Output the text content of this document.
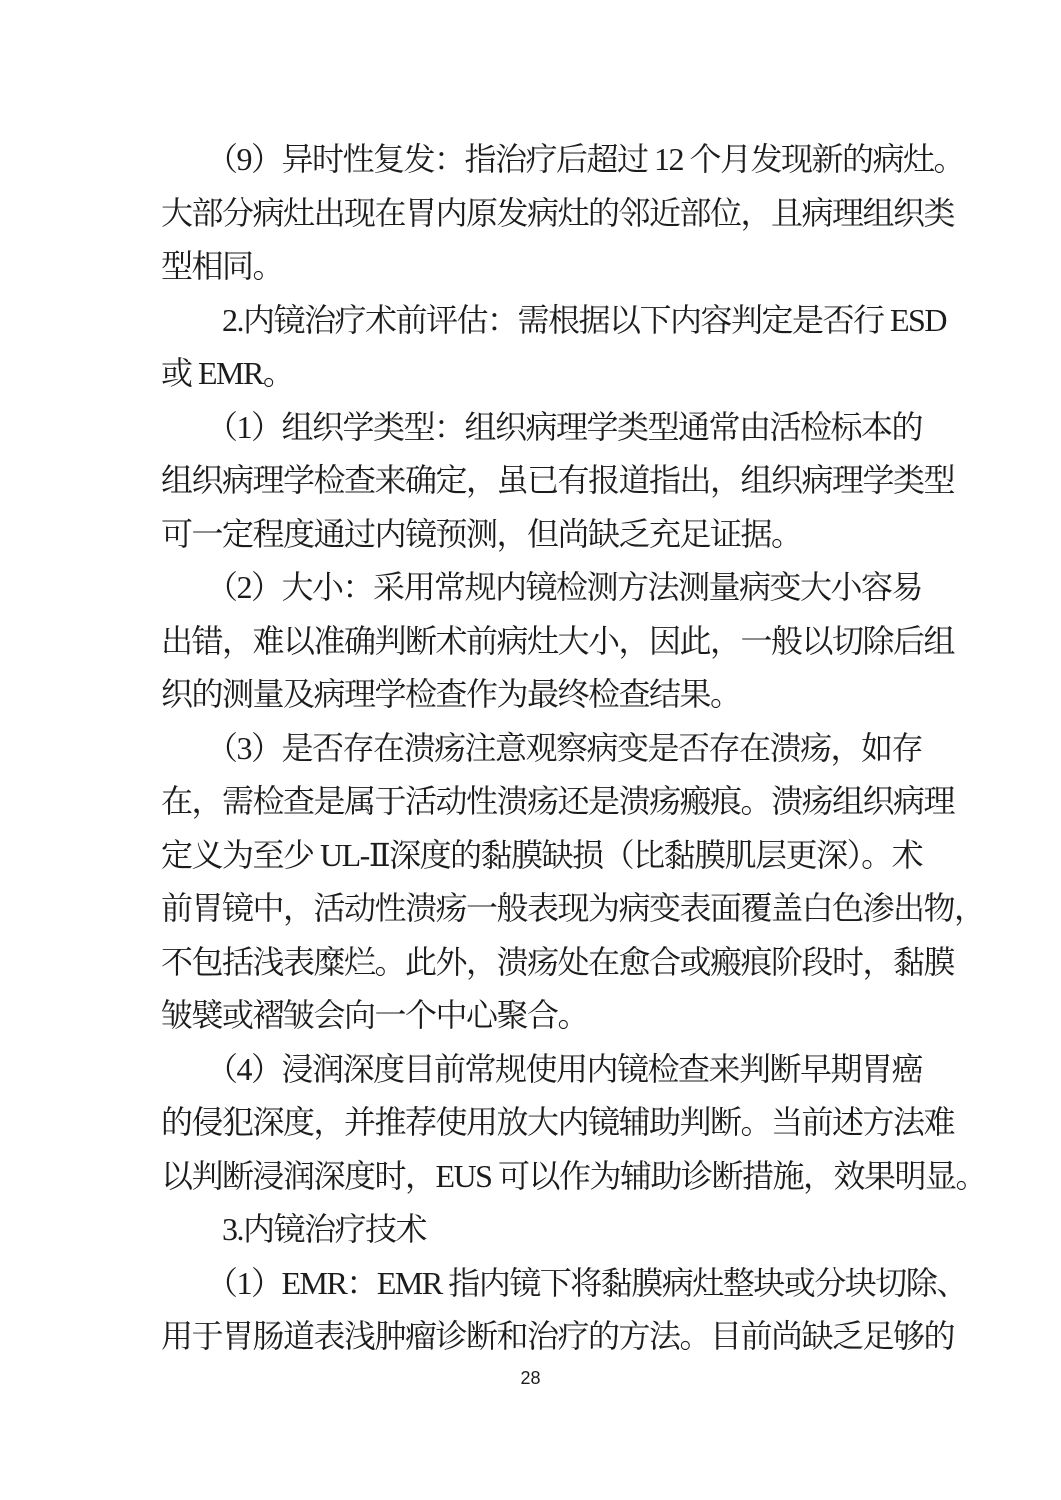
　　（9）异时性复发：指治疗后超过 12 个月发现新的病灶。
大部分病灶出现在胃内原发病灶的邻近部位，且病理组织类
型相同。
　　2.内镜治疗术前评估：需根据以下内容判定是否行 ESD
或 EMR。
　　（1）组织学类型：组织病理学类型通常由活检标本的
组织病理学检查来确定，虽已有报道指出，组织病理学类型
可一定程度通过内镜预测，但尚缺乏充足证据。
　　（2）大小：采用常规内镜检测方法测量病变大小容易
出错，难以准确判断术前病灶大小，因此，一般以切除后组
织的测量及病理学检查作为最终检查结果。
　　（3）是否存在溃疡注意观察病变是否存在溃疡，如存
在，需检查是属于活动性溃疡还是溃疡瘢痕。溃疡组织病理
定义为至少 UL-Ⅱ深度的黏膜缺损（比黏膜肌层更深）。术
前胃镜中，活动性溃疡一般表现为病变表面覆盖白色渗出物，
不包括浅表糜烂。此外，溃疡处在愈合或瘢痕阶段时，黏膜
皱襞或褶皱会向一个中心聚合。
　　（4）浸润深度目前常规使用内镜检查来判断早期胃癌
的侵犯深度，并推荐使用放大内镜辅助判断。当前述方法难
以判断浸润深度时，EUS 可以作为辅助诊断措施，效果明显。
　　3.内镜治疗技术
　　（1）EMR：EMR 指内镜下将黏膜病灶整块或分块切除、
用于胃肠道表浅肿瘤诊断和治疗的方法。目前尚缺乏足够的
28
